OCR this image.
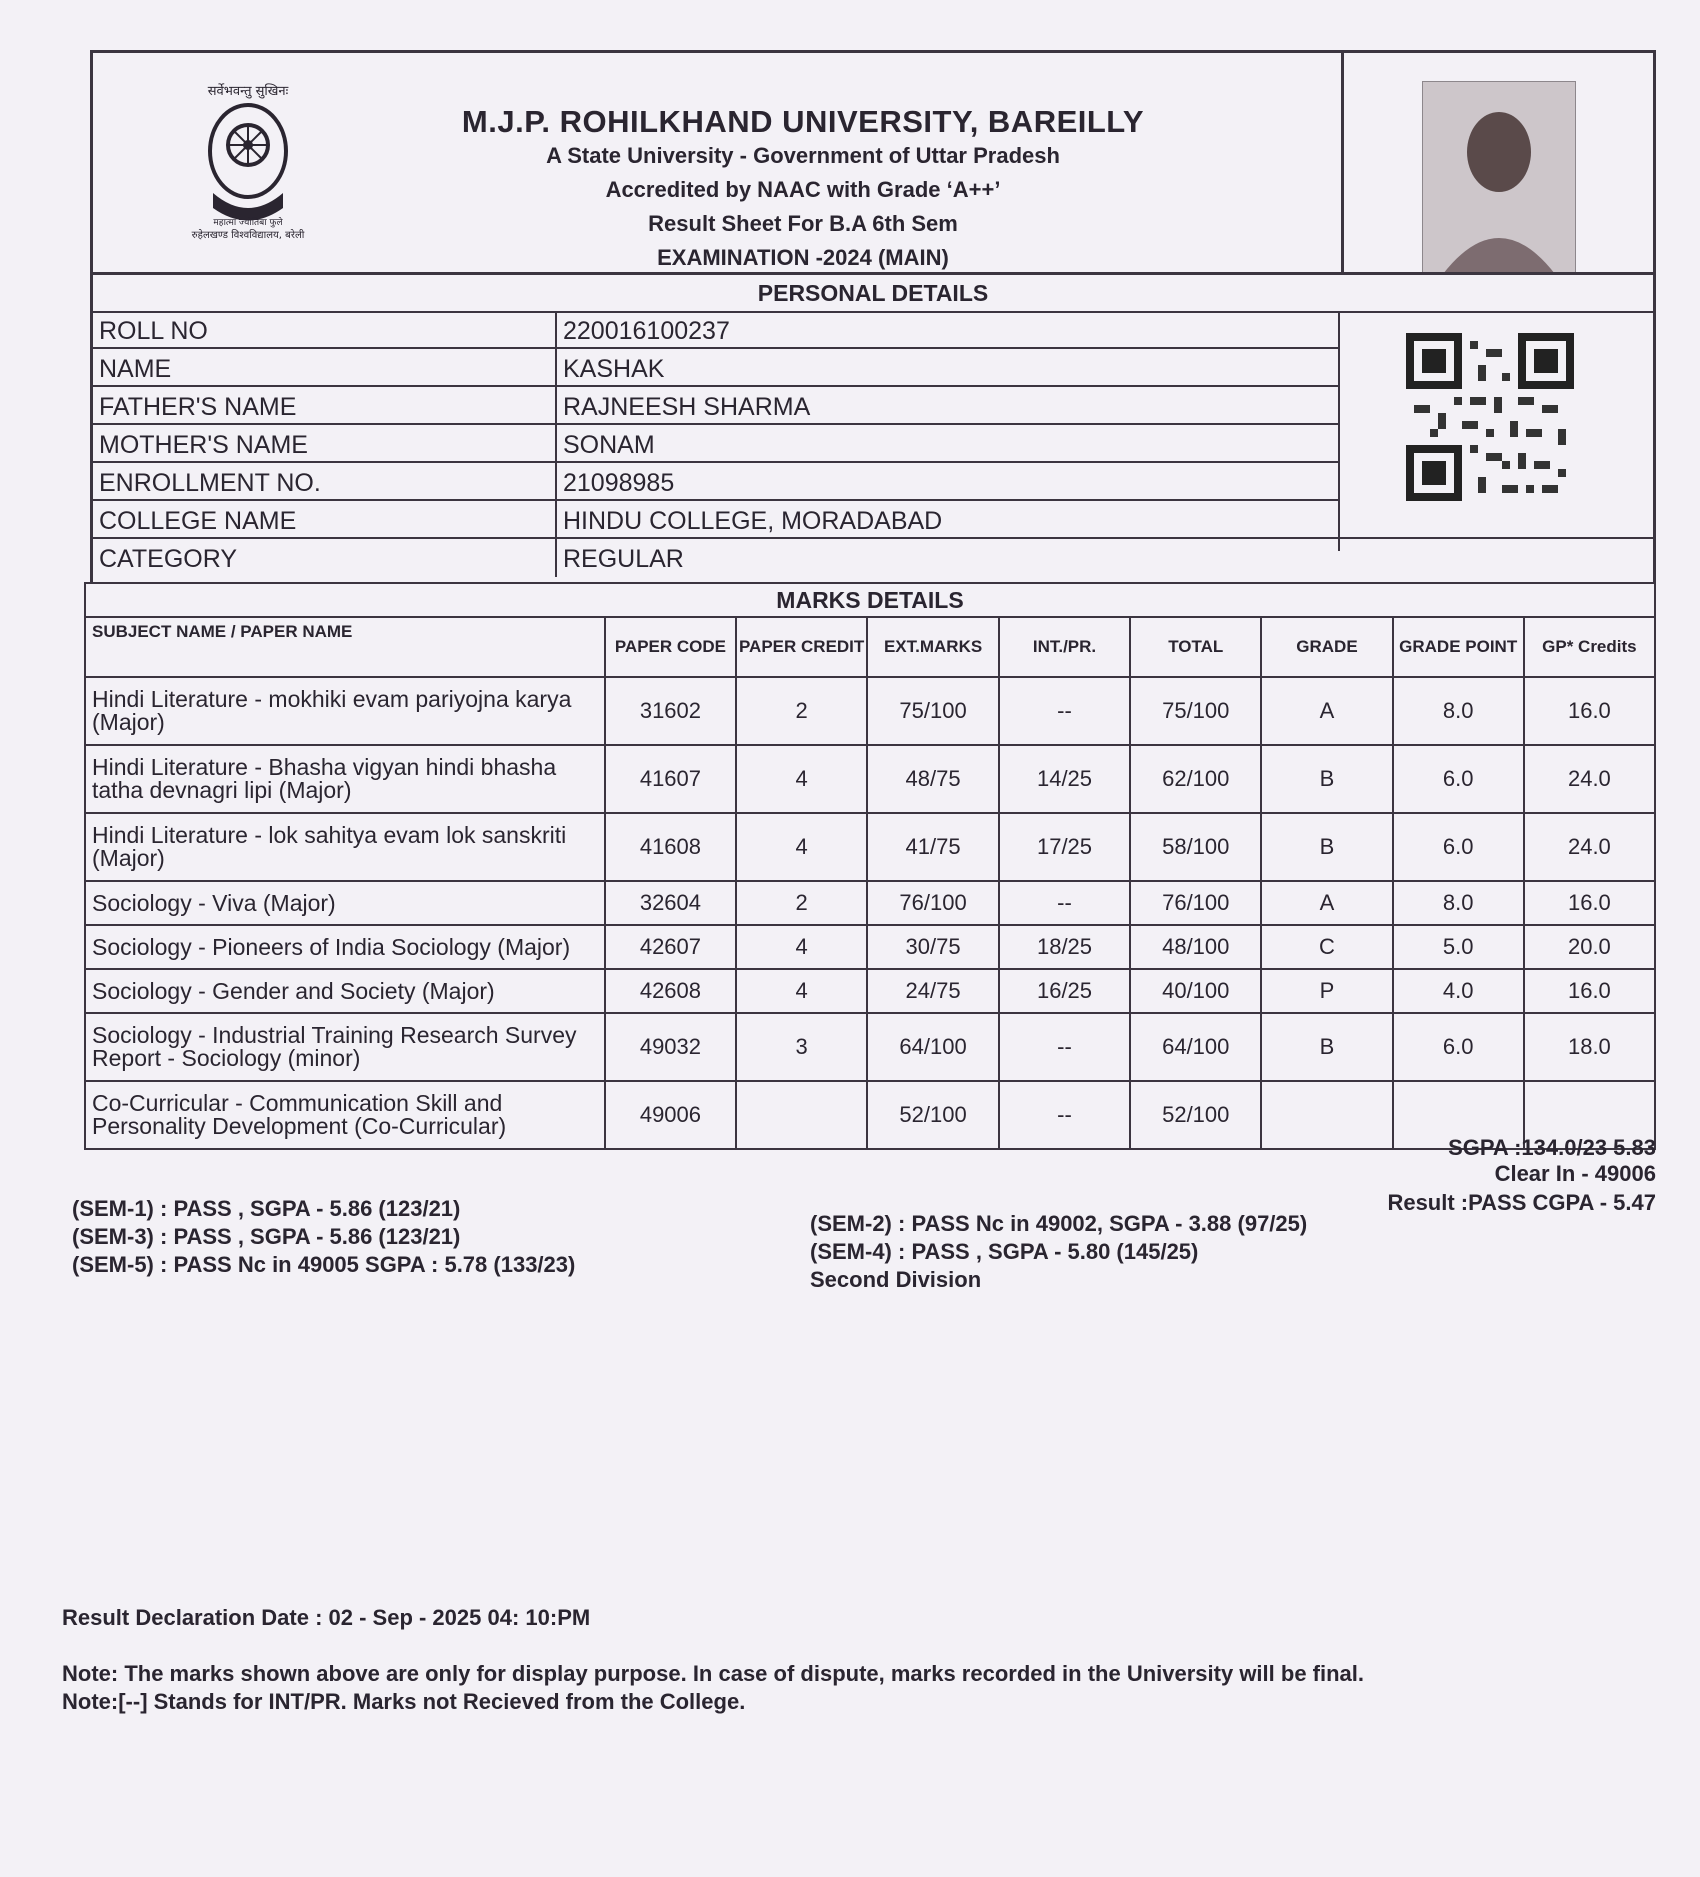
सर्वेभवन्तु सुखिनः
महात्मा ज्योतिबा फुले
रुहेलखण्ड विश्वविद्यालय, बरेली
M.J.P. ROHILKHAND UNIVERSITY, BAREILLY
A State University - Government of Uttar Pradesh
Accredited by NAAC with Grade ‘A++’
Result Sheet For B.A 6th Sem
EXAMINATION -2024 (MAIN)
PERSONAL DETAILS
ROLL NO	220016100237
NAME	KASHAK
FATHER'S NAME	RAJNEESH SHARMA
MOTHER'S NAME	SONAM
ENROLLMENT NO.	21098985
COLLEGE NAME	HINDU COLLEGE, MORADABAD
CATEGORY	REGULAR
MARKS DETAILS								
SUBJECT NAME / PAPER NAME	PAPER CODE	PAPER CREDIT	EXT.MARKS	INT./PR.	TOTAL	GRADE	GRADE POINT	GP* Credits
Hindi Literature - mokhiki evam pariyojna karya (Major)	31602	2	75/100	--	75/100	A	8.0	16.0
Hindi Literature - Bhasha vigyan hindi bhasha tatha devnagri lipi (Major)	41607	4	48/75	14/25	62/100	B	6.0	24.0
Hindi Literature - lok sahitya evam lok sanskriti (Major)	41608	4	41/75	17/25	58/100	B	6.0	24.0
Sociology - Viva (Major)	32604	2	76/100	--	76/100	A	8.0	16.0
Sociology - Pioneers of India Sociology (Major)	42607	4	30/75	18/25	48/100	C	5.0	20.0
Sociology - Gender and Society (Major)	42608	4	24/75	16/25	40/100	P	4.0	16.0
Sociology - Industrial Training Research Survey Report - Sociology (minor)	49032	3	64/100	--	64/100	B	6.0	18.0
Co-Curricular - Communication Skill and Personality Development (Co-Curricular)	49006		52/100	--	52/100			
SGPA :134.0/23 5.83
Clear In - 49006
Result :PASS CGPA - 5.47
(SEM-1) : PASS , SGPA - 5.86 (123/21)
(SEM-3) : PASS , SGPA - 5.86 (123/21)
(SEM-5) : PASS Nc in 49005 SGPA : 5.78 (133/23)
(SEM-2) : PASS Nc in 49002, SGPA - 3.88 (97/25)
(SEM-4) : PASS , SGPA - 5.80 (145/25)
Second Division
Result Declaration Date : 02 - Sep - 2025 04: 10:PM
Note: The marks shown above are only for display purpose. In case of dispute, marks recorded in the University will be final.
Note:[--] Stands for INT/PR. Marks not Recieved from the College.
